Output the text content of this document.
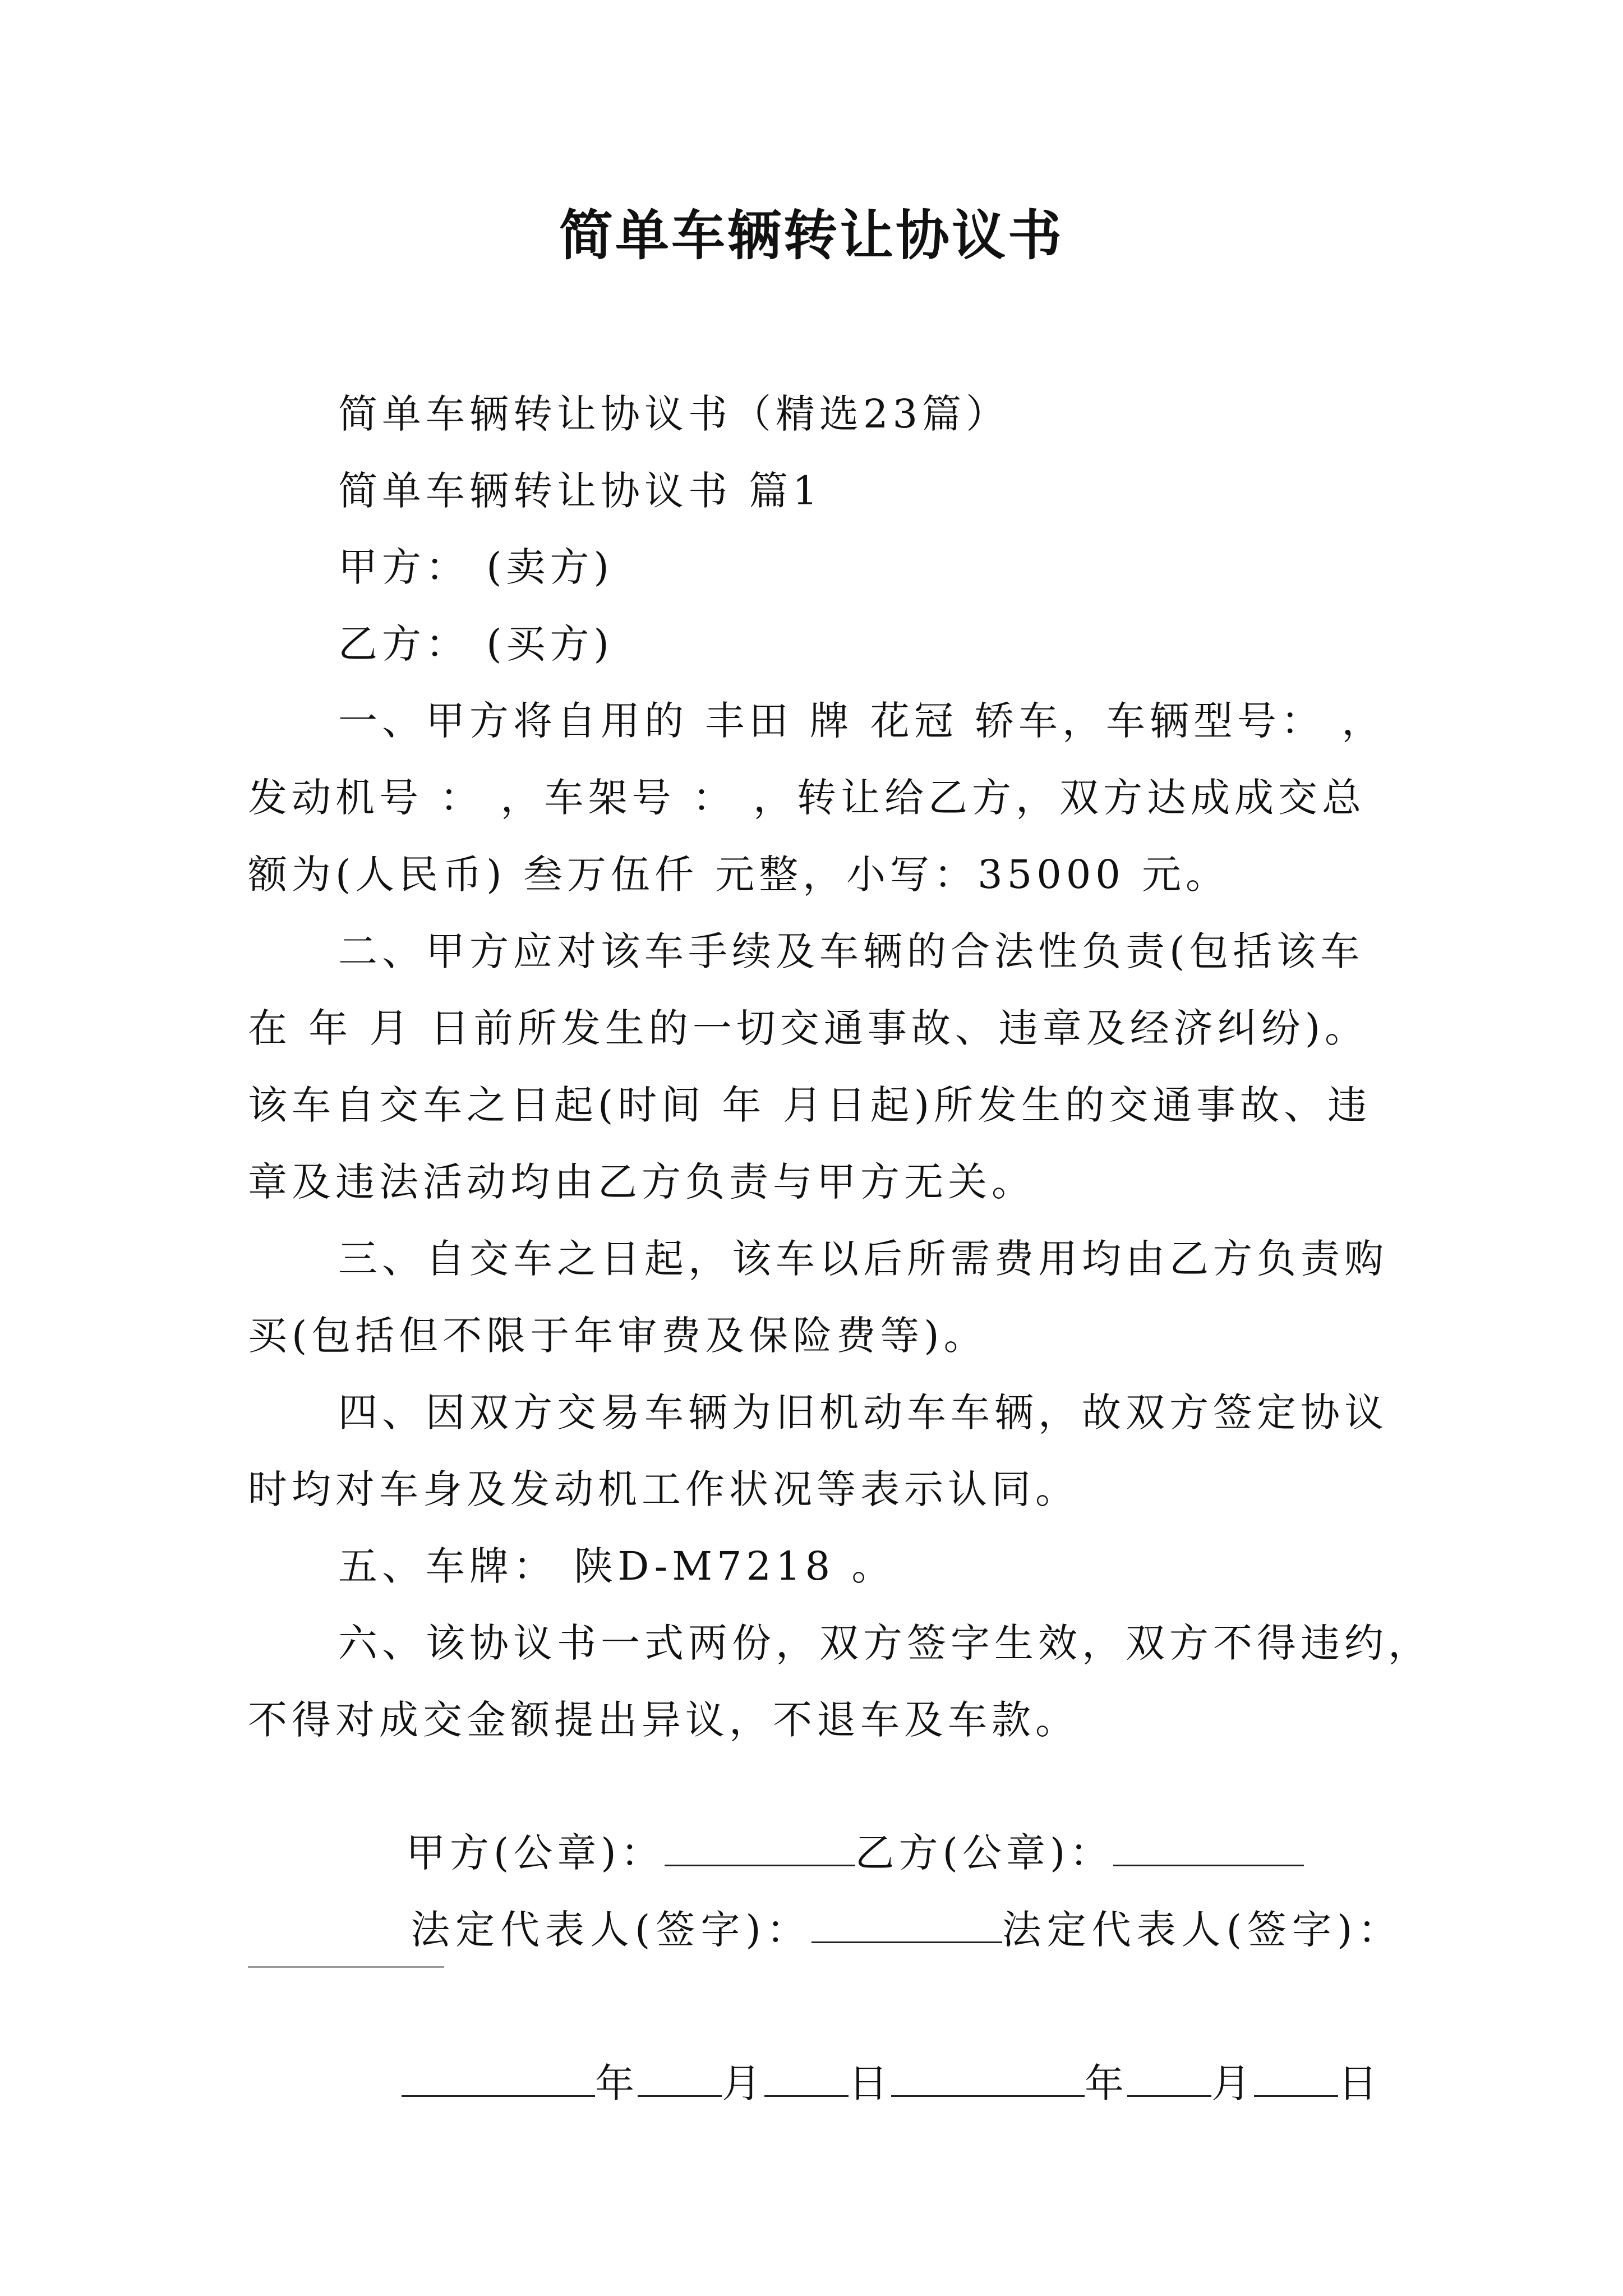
简单车辆转让协议书
简单车辆转让协议书（精选23篇）
简单车辆转让协议书 篇1
甲方： (卖方)
乙方： (买方)
一、甲方将自用的 丰田 牌 花冠 轿车，车辆型号： ，
发动机号 ： ，车架号 ： ，转让给乙方，双方达成成交总
额为(人民币) 叁万伍仟 元整，小写：35000 元。
二、甲方应对该车手续及车辆的合法性负责(包括该车
在 年 月 日前所发生的一切交通事故、违章及经济纠纷)。
该车自交车之日起(时间 年 月日起)所发生的交通事故、违
章及违法活动均由乙方负责与甲方无关。
三、自交车之日起，该车以后所需费用均由乙方负责购
买(包括但不限于年审费及保险费等)。
四、因双方交易车辆为旧机动车车辆，故双方签定协议
时均对车身及发动机工作状况等表示认同。
五、车牌： 陕D-M7218 。
六、该协议书一式两份，双方签字生效，双方不得违约，
不得对成交金额提出异议，不退车及车款。

甲方(公章)：	乙方(公章)：

法定代表人(签字)：	法定代表人(签字)：

年 月 日	年 月 日
